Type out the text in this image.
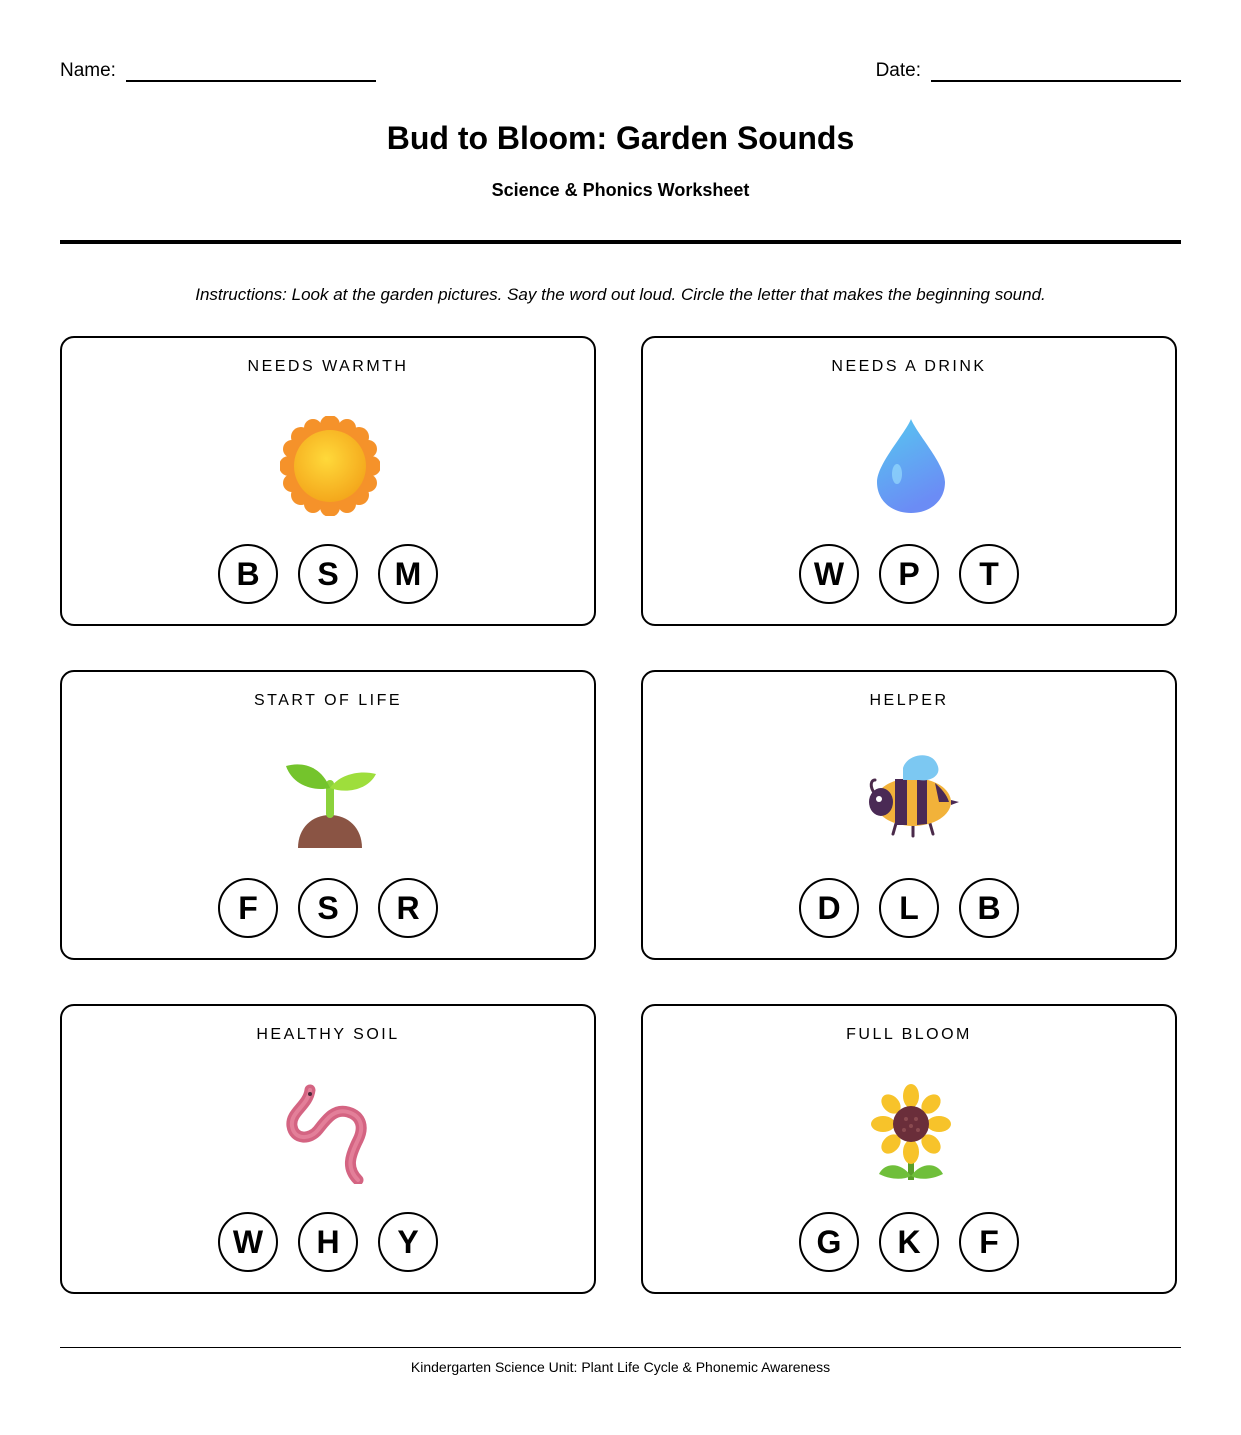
Name:	Date:
Bud to Bloom: Garden Sounds
Science & Phonics Worksheet
Instructions: Look at the garden pictures. Say the word out loud. Circle the letter that makes the beginning sound.
NEEDS WARMTH
B	S	M
NEEDS A DRINK
W	P	T
START OF LIFE
F	S	R
HELPER
D	L	B
HEALTHY SOIL
W	H	Y
FULL BLOOM
G	K	F
Kindergarten Science Unit: Plant Life Cycle & Phonemic Awareness
